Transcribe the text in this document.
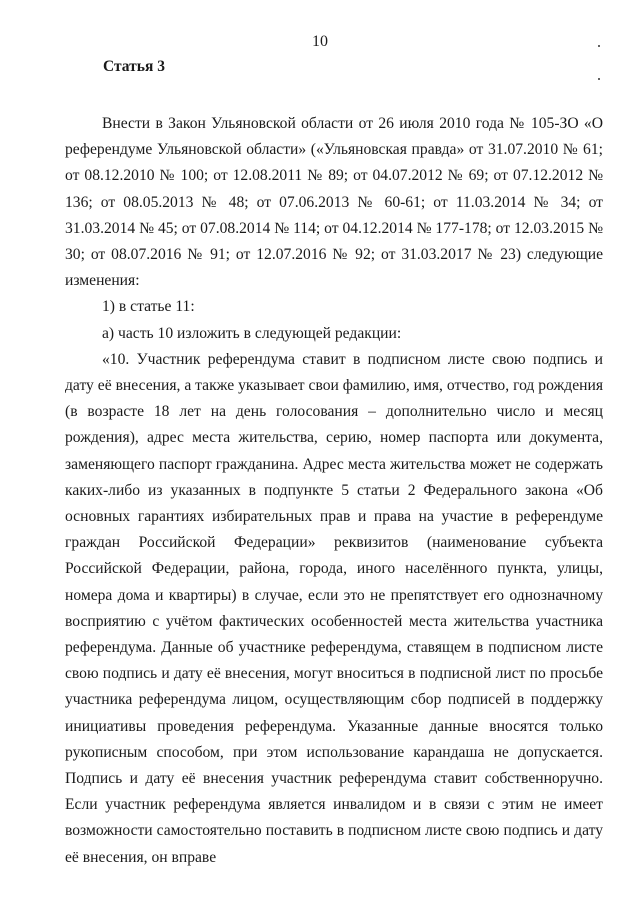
10
Статья 3

Внести в Закон Ульяновской области от 26 июля 2010 года № 105-ЗО «О референдуме Ульяновской области» («Ульяновская правда» от 31.07.2010 № 61; от 08.12.2010 № 100; от 12.08.2011 № 89; от 04.07.2012 № 69; от 07.12.2012 № 136; от 08.05.2013 № 48; от 07.06.2013 № 60-61; от 11.03.2014 № 34; от 31.03.2014 № 45; от 07.08.2014 № 114; от 04.12.2014 № 177-178; от 12.03.2015 № 30; от 08.07.2016 № 91; от 12.07.2016 № 92; от 31.03.2017 № 23) следующие изменения:

1) в статье 11:

а) часть 10 изложить в следующей редакции:

«10. Участник референдума ставит в подписном листе свою подпись и дату её внесения, а также указывает свои фамилию, имя, отчество, год рождения (в возрасте 18 лет на день голосования – дополнительно число и месяц рождения), адрес места жительства, серию, номер паспорта или документа, заменяющего паспорт гражданина. Адрес места жительства может не содержать каких-либо из указанных в подпункте 5 статьи 2 Федерального закона «Об основных гарантиях избирательных прав и права на участие в референдуме граждан Российской Федерации» реквизитов (наименование субъекта Российской Федерации, района, города, иного населённого пункта, улицы, номера дома и квартиры) в случае, если это не препятствует его однозначному восприятию с учётом фактических особенностей места жительства участника референдума. Данные об участнике референдума, ставящем в подписном листе свою подпись и дату её внесения, могут вноситься в подписной лист по просьбе участника референдума лицом, осуществляющим сбор подписей в поддержку инициативы проведения референдума. Указанные данные вносятся только рукописным способом, при этом использование карандаша не допускается. Подпись и дату её внесения участник референдума ставит собственноручно. Если участник референдума является инвалидом и в связи с этим не имеет возможности самостоятельно поставить в подписном листе свою подпись и дату её внесения, он вправе
